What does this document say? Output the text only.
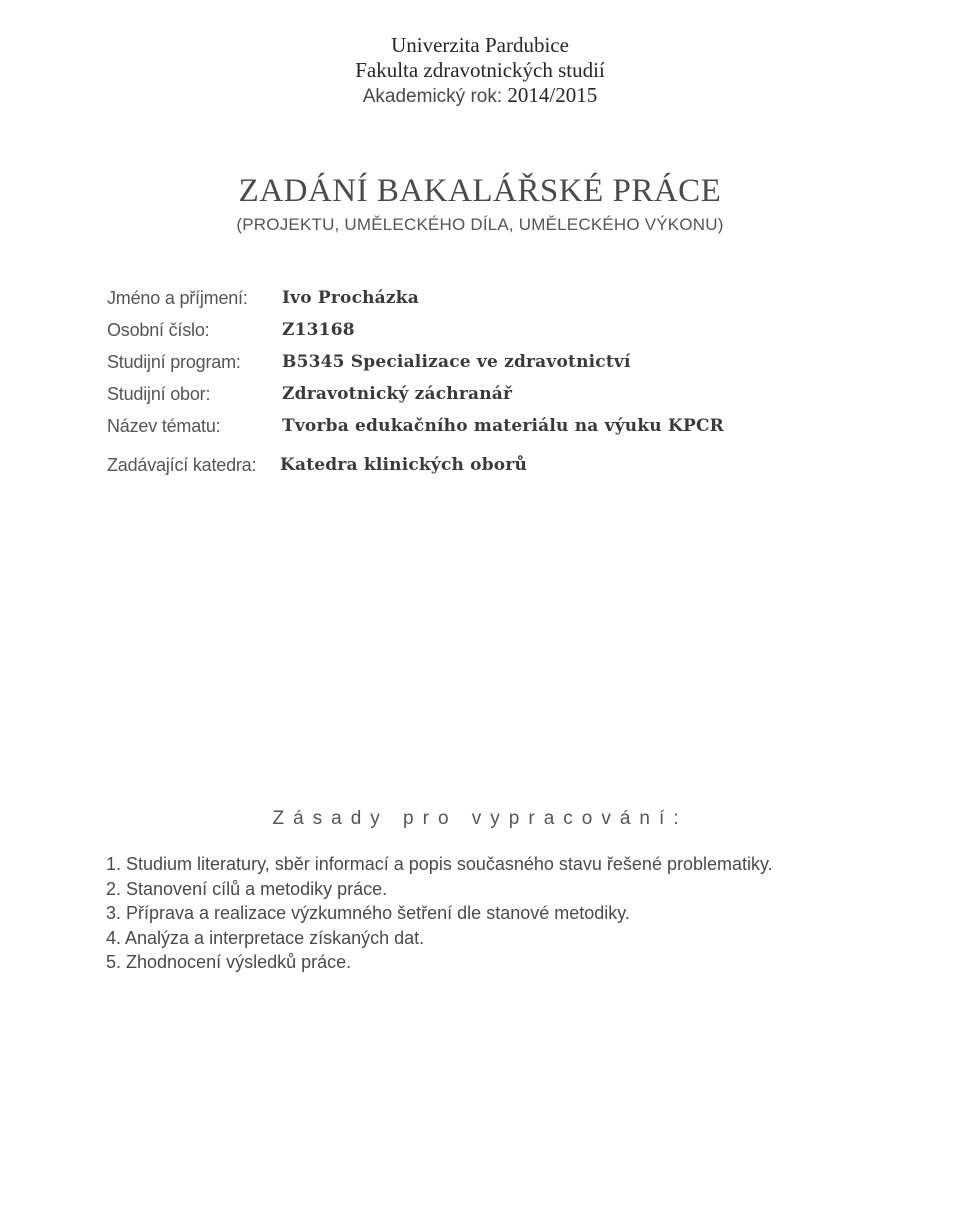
Univerzita Pardubice
Fakulta zdravotnických studií
Akademický rok: 2014/2015
ZADÁNÍ BAKALÁŘSKÉ PRÁCE
(PROJEKTU, UMĚLECKÉHO DÍLA, UMĚLECKÉHO VÝKONU)
Jméno a příjmení: Ivo Procházka
Osobní číslo:	Z13168
Studijní program: B5345 Specializace ve zdravotnictví
Studijní obor:	Zdravotnický záchranář
Název tématu:	Tvorba edukačního materiálu na výuku KPCR
Zadávající katedra: Katedra klinických oborů
Zásady pro vypracování:
1. Studium literatury, sběr informací a popis současného stavu řešené problematiky.
2. Stanovení cílů a metodiky práce.
3. Příprava a realizace výzkumného šetření dle stanové metodiky.
4. Analýza a interpretace získaných dat.
5. Zhodnocení výsledků práce.
